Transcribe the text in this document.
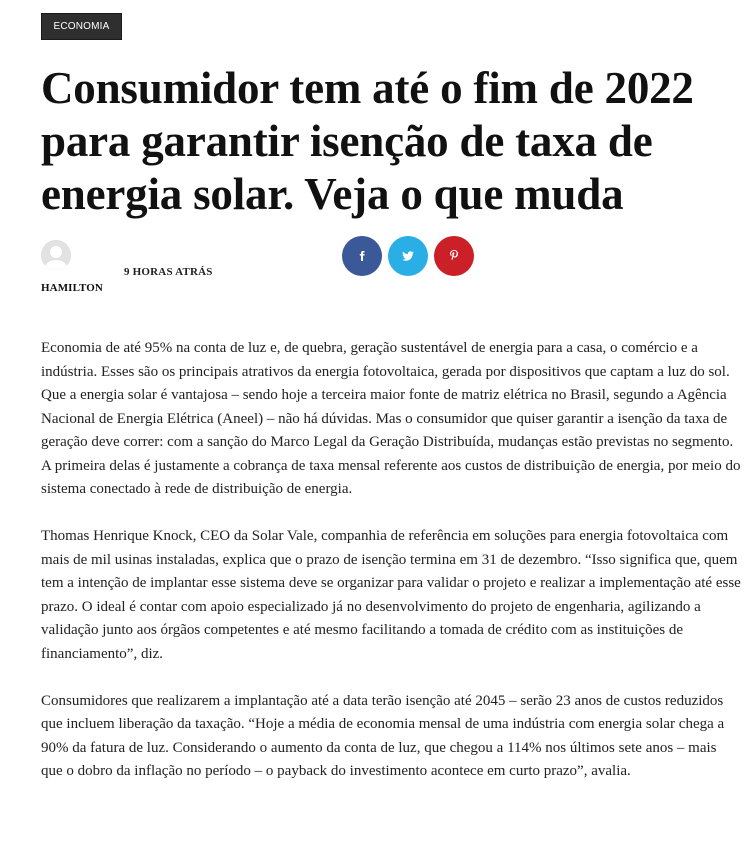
ECONOMIA
Consumidor tem até o fim de 2022 para garantir isenção de taxa de energia solar. Veja o que muda
HAMILTON
9 HORAS ATRÁS

Economia de até 95% na conta de luz e, de quebra, geração sustentável de energia para a casa, o comércio e a indústria. Esses são os principais atrativos da energia fotovoltaica, gerada por dispositivos que captam a luz do sol. Que a energia solar é vantajosa – sendo hoje a terceira maior fonte de matriz elétrica no Brasil, segundo a Agência Nacional de Energia Elétrica (Aneel) – não há dúvidas. Mas o consumidor que quiser garantir a isenção da taxa de geração deve correr: com a sanção do Marco Legal da Geração Distribuída, mudanças estão previstas no segmento. A primeira delas é justamente a cobrança de taxa mensal referente aos custos de distribuição de energia, por meio do sistema conectado à rede de distribuição de energia.

Thomas Henrique Knock, CEO da Solar Vale, companhia de referência em soluções para energia fotovoltaica com mais de mil usinas instaladas, explica que o prazo de isenção termina em 31 de dezembro. “Isso significa que, quem tem a intenção de implantar esse sistema deve se organizar para validar o projeto e realizar a implementação até esse prazo. O ideal é contar com apoio especializado já no desenvolvimento do projeto de engenharia, agilizando a validação junto aos órgãos competentes e até mesmo facilitando a tomada de crédito com as instituições de financiamento”, diz.

Consumidores que realizarem a implantação até a data terão isenção até 2045 – serão 23 anos de custos reduzidos que incluem liberação da taxação. “Hoje a média de economia mensal de uma indústria com energia solar chega a 90% da fatura de luz. Considerando o aumento da conta de luz, que chegou a 114% nos últimos sete anos – mais que o dobro da inflação no período – o payback do investimento acontece em curto prazo”, avalia.
